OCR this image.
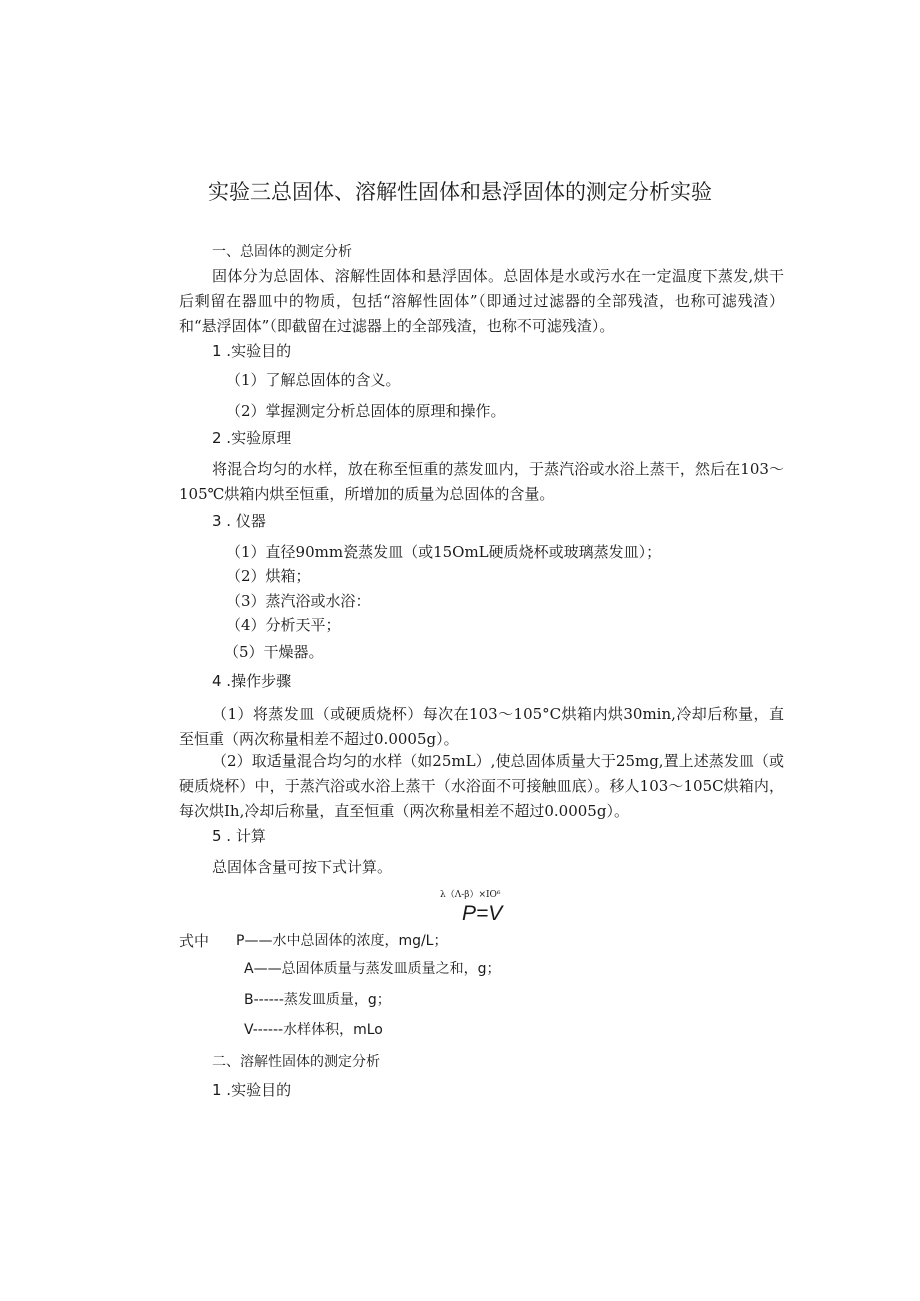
实验三总固体、溶解性固体和悬浮固体的测定分析实验
一、总固体的测定分析
固体分为总固体、溶解性固体和悬浮固体。总固体是水或污水在一定温度下蒸发,烘干后剩留在器皿中的物质，包括“溶解性固体”（即通过过滤器的全部残渣，也称可滤残渣）和“悬浮固体”（即截留在过滤器上的全部残渣，也称不可滤残渣）。
1 .实验目的
（1）了解总固体的含义。
（2）掌握测定分析总固体的原理和操作。
2 .实验原理
将混合均匀的水样，放在称至恒重的蒸发皿内，于蒸汽浴或水浴上蒸干，然后在103～105℃烘箱内烘至恒重，所增加的质量为总固体的含量。
3 . 仪器
（1）直径90mm瓷蒸发皿（或15OmL硬质烧杯或玻璃蒸发皿）；
（2）烘箱；
（3）蒸汽浴或水浴：
（4）分析天平；
（5）干燥器。
4 .操作步骤
（1）将蒸发皿（或硬质烧杯）每次在103～105°C烘箱内烘30min,冷却后称量，直至恒重（两次称量相差不超过0.0005g）。
（2）取适量混合均匀的水样（如25mL）,使总固体质量大于25mg,置上述蒸发皿（或硬质烧杯）中，于蒸汽浴或水浴上蒸干（水浴面不可接触皿底）。移人103～105C烘箱内，每次烘Ih,冷却后称量，直至恒重（两次称量相差不超过0.0005g）。
5 . 计算
总固体含量可按下式计算。
λ（Λ-β）×IO⁶
P=V
式中 P——水中总固体的浓度，mg/L；
A——总固体质量与蒸发皿质量之和，g；
B------蒸发皿质量，g；
V------水样体积，mLo
二、溶解性固体的测定分析
1 .实验目的
